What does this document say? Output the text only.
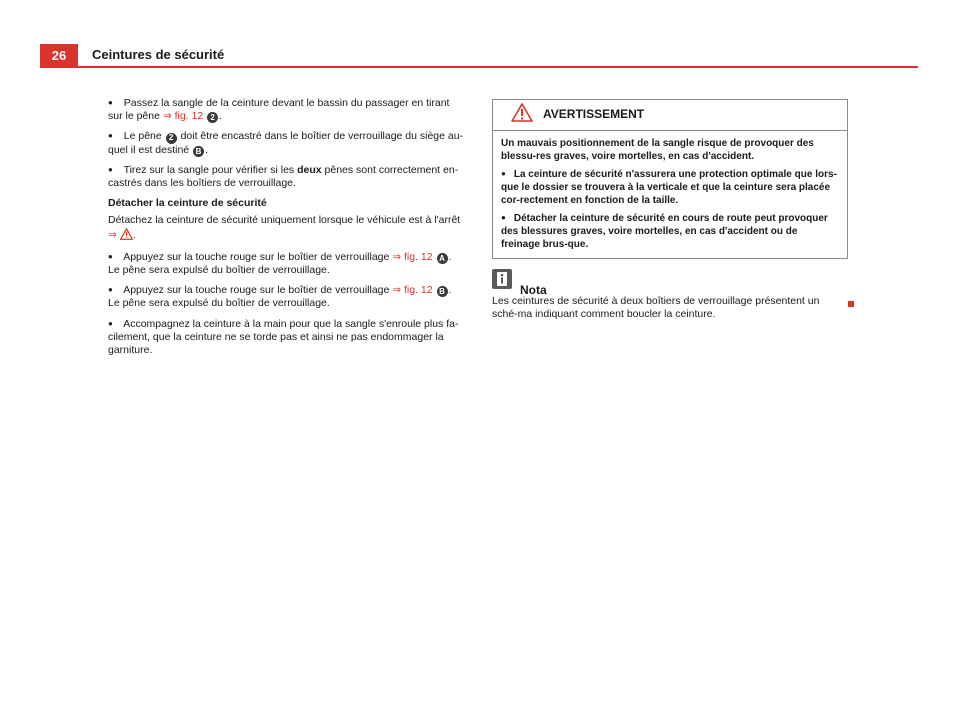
26	Ceintures de sécurité

● Passez la sangle de la ceinture devant le bassin du passager en tirant sur le pêne ⇒ fig. 12 2 .

● Le pêne 2 doit être encastré dans le boîtier de verrouillage du siège au-quel il est destiné B .

● Tirez sur la sangle pour vérifier si les deux pênes sont correctement en-castrés dans les boîtiers de verrouillage.

Détacher la ceinture de sécurité

Détachez la ceinture de sécurité uniquement lorsque le véhicule est à l'arrêt
⇒ .

● Appuyez sur la touche rouge sur le boîtier de verrouillage ⇒ fig. 12 A .
Le pêne sera expulsé du boîtier de verrouillage.

● Appuyez sur la touche rouge sur le boîtier de verrouillage ⇒ fig. 12 B .
Le pêne sera expulsé du boîtier de verrouillage.

● Accompagnez la ceinture à la main pour que la sangle s'enroule plus fa-cilement, que la ceinture ne se torde pas et ainsi ne pas endommager la garniture.

AVERTISSEMENT

Un mauvais positionnement de la sangle risque de provoquer des blessu-res graves, voire mortelles, en cas d'accident.

● La ceinture de sécurité n'assurera une protection optimale que lors-que le dossier se trouvera à la verticale et que la ceinture sera placée cor-rectement en fonction de la taille.

● Détacher la ceinture de sécurité en cours de route peut provoquer des blessures graves, voire mortelles, en cas d'accident ou de freinage brus-que.

Nota

Les ceintures de sécurité à deux boîtiers de verrouillage présentent un sché-ma indiquant comment boucler la ceinture.
